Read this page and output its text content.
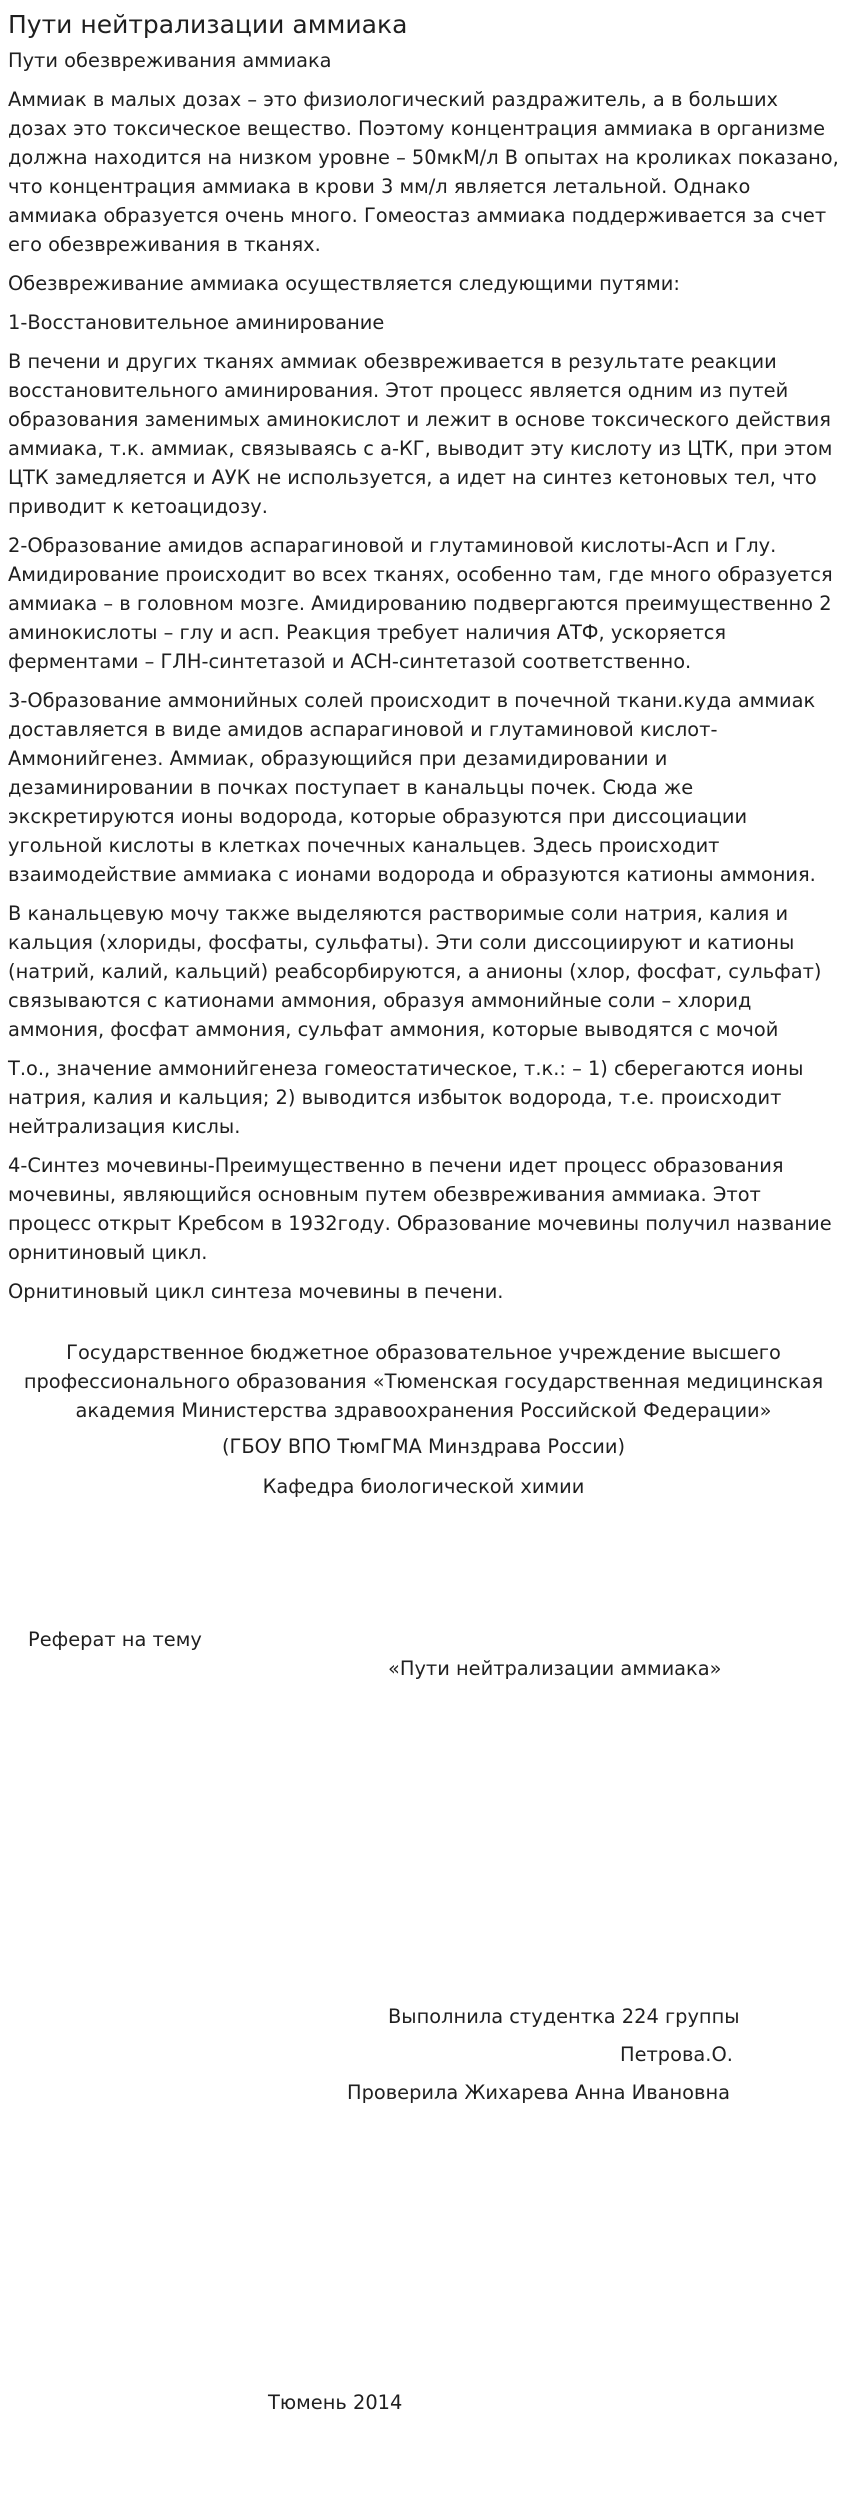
Пути нейтрализации аммиака

Пути обезвреживания аммиака

Аммиак в малых дозах – это физиологический раздражитель, а в больших дозах это токсическое вещество. Поэтому концентрация аммиака в организме должна находится на низком уровне – 50мкМ/л В опытах на кроликах показано, что концентрация аммиака в крови 3 мм/л является летальной. Однако аммиака образуется очень много. Гомеостаз аммиака поддерживается за счет его обезвреживания в тканях.

Обезвреживание аммиака осуществляется следующими путями:

1-Восстановительное аминирование

В печени и других тканях аммиак обезвреживается в результате реакции восстановительного аминирования. Этот процесс является одним из путей образования заменимых аминокислот и лежит в основе токсического действия аммиака, т.к. аммиак, связываясь с а-КГ, выводит эту кислоту из ЦТК, при этом ЦТК замедляется и АУК не используется, а идет на синтез кетоновых тел, что приводит к кетоацидозу.

2-Образование амидов аспарагиновой и глутаминовой кислоты-Асп и Глу. Амидирование происходит во всех тканях, особенно там, где много образуется аммиака – в головном мозге. Амидированию подвергаются преимущественно 2 аминокислоты – глу и асп. Реакция требует наличия АТФ, ускоряется ферментами – ГЛН-синтетазой и АСН-синтетазой соответственно.

3-Образование аммонийных солей происходит в почечной ткани.куда аммиак доставляется в виде амидов аспарагиновой и глутаминовой кислот-Аммонийгенез. Аммиак, образующийся при дезамидировании и дезаминировании в почках поступает в канальцы почек. Сюда же экскретируются ионы водорода, которые образуются при диссоциации угольной кислоты в клетках почечных канальцев. Здесь происходит взаимодействие аммиака с ионами водорода и образуются катионы аммония.

В канальцевую мочу также выделяются растворимые соли натрия, калия и кальция (хлориды, фосфаты, сульфаты). Эти соли диссоциируют и катионы (натрий, калий, кальций) реабсорбируются, а анионы (хлор, фосфат, сульфат) связываются с катионами аммония, образуя аммонийные соли – хлорид аммония, фосфат аммония, сульфат аммония, которые выводятся с мочой

Т.о., значение аммонийгенеза гомеостатическое, т.к.: – 1) сберегаются ионы натрия, калия и кальция; 2) выводится избыток водорода, т.е. происходит нейтрализация кислы.

4-Синтез мочевины-Преимущественно в печени идет процесс образования мочевины, являющийся основным путем обезвреживания аммиака. Этот процесс открыт Кребсом в 1932году. Образование мочевины получил название орнитиновый цикл.

Орнитиновый цикл синтеза мочевины в печени.

Государственное бюджетное образовательное учреждение высшего профессионального образования «Тюменская государственная медицинская академия Министерства здравоохранения Российской Федерации»
(ГБОУ ВПО ТюмГМА Минздрава России)
Кафедра биологической химии
Реферат на тему
«Пути нейтрализации аммиака»
Выполнила студентка 224 группы
Петрова.О.
Проверила Жихарева Анна Ивановна
Тюмень 2014
